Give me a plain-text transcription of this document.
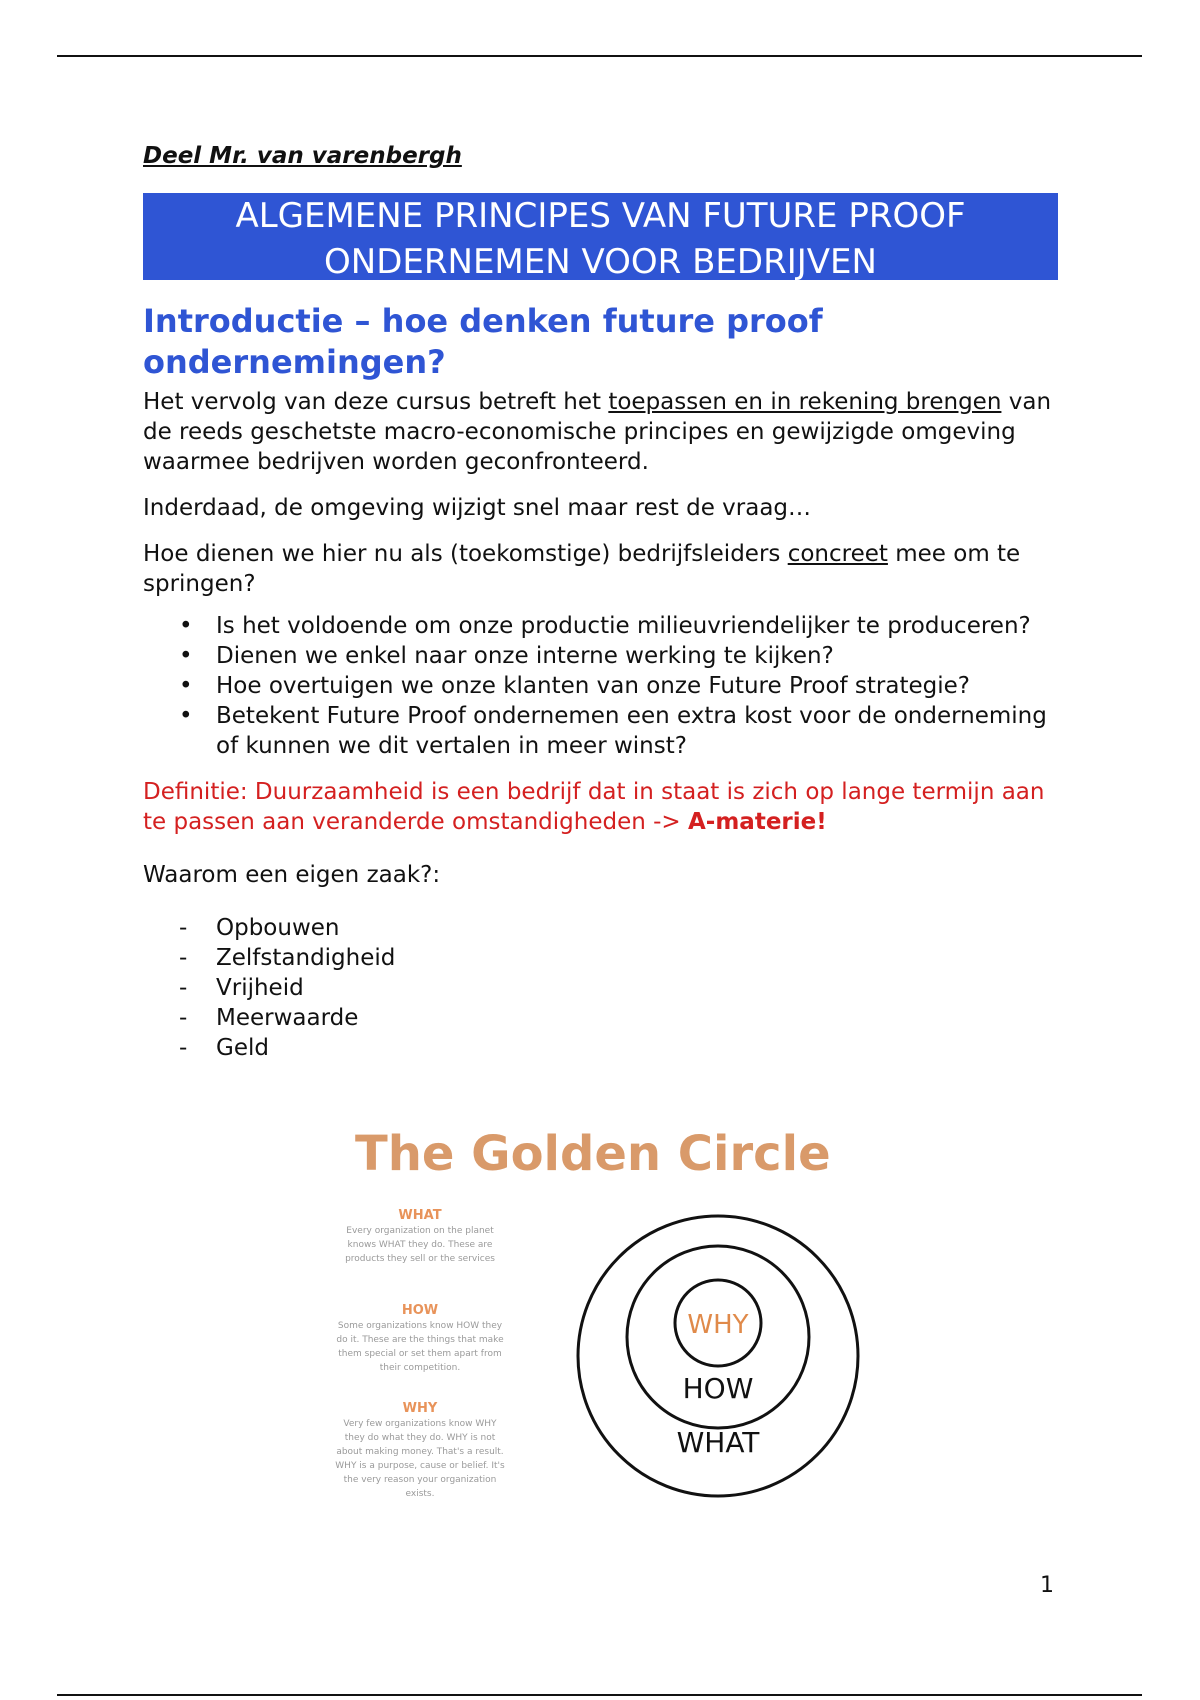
Deel Mr. van varenbergh

ALGEMENE PRINCIPES VAN FUTURE PROOF
ONDERNEMEN VOOR BEDRIJVEN
Introductie – hoe denken future proof ondernemingen?

Het vervolg van deze cursus betreft het toepassen en in rekening brengen van de reeds geschetste macro-economische principes en gewijzigde omgeving waarmee bedrijven worden geconfronteerd.

Inderdaad, de omgeving wijzigt snel maar rest de vraag…

Hoe dienen we hier nu als (toekomstige) bedrijfsleiders concreet mee om te springen?

• Is het voldoende om onze productie milieuvriendelijker te produceren?
• Dienen we enkel naar onze interne werking te kijken?
• Hoe overtuigen we onze klanten van onze Future Proof strategie?
• Betekent Future Proof ondernemen een extra kost voor de onderneming of kunnen we dit vertalen in meer winst?

Definitie: Duurzaamheid is een bedrijf dat in staat is zich op lange termijn aan te passen aan veranderde omstandigheden -> A-materie!

Waarom een eigen zaak?:

- Opbouwen
- Zelfstandigheid
- Vrijheid
- Meerwaarde
- Geld
The Golden Circle
WHAT
Every organization on the planet knows WHAT they do. These are products they sell or the services
HOW
Some organizations know HOW they do it. These are the things that make them special or set them apart from their competition.
WHY
Very few organizations know WHY they do what they do. WHY is not about making money. That's a result. WHY is a purpose, cause or belief. It's the very reason your organization exists.
WHY
HOW
WHAT
1
